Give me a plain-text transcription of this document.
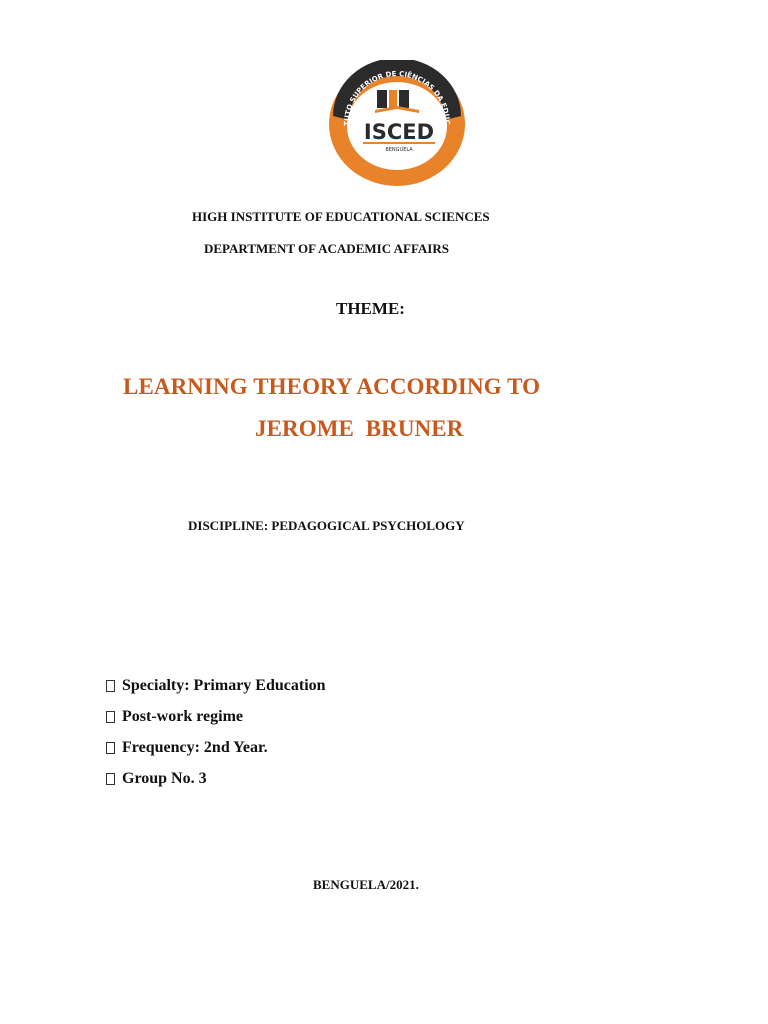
TUTO SUPERIOR DE CIÊNCIAS DA EDUC
SINO INVESTIGAÇÃO E DESENVOLVIMEN
ISCED
BENGUELA
HIGH INSTITUTE OF EDUCATIONAL SCIENCES
DEPARTMENT OF ACADEMIC AFFAIRS
THEME:
LEARNING THEORY ACCORDING TO
JEROME  BRUNER
DISCIPLINE: PEDAGOGICAL PSYCHOLOGY
Specialty: Primary Education
Post-work regime
Frequency: 2nd Year.
Group No. 3
BENGUELA/2021.
